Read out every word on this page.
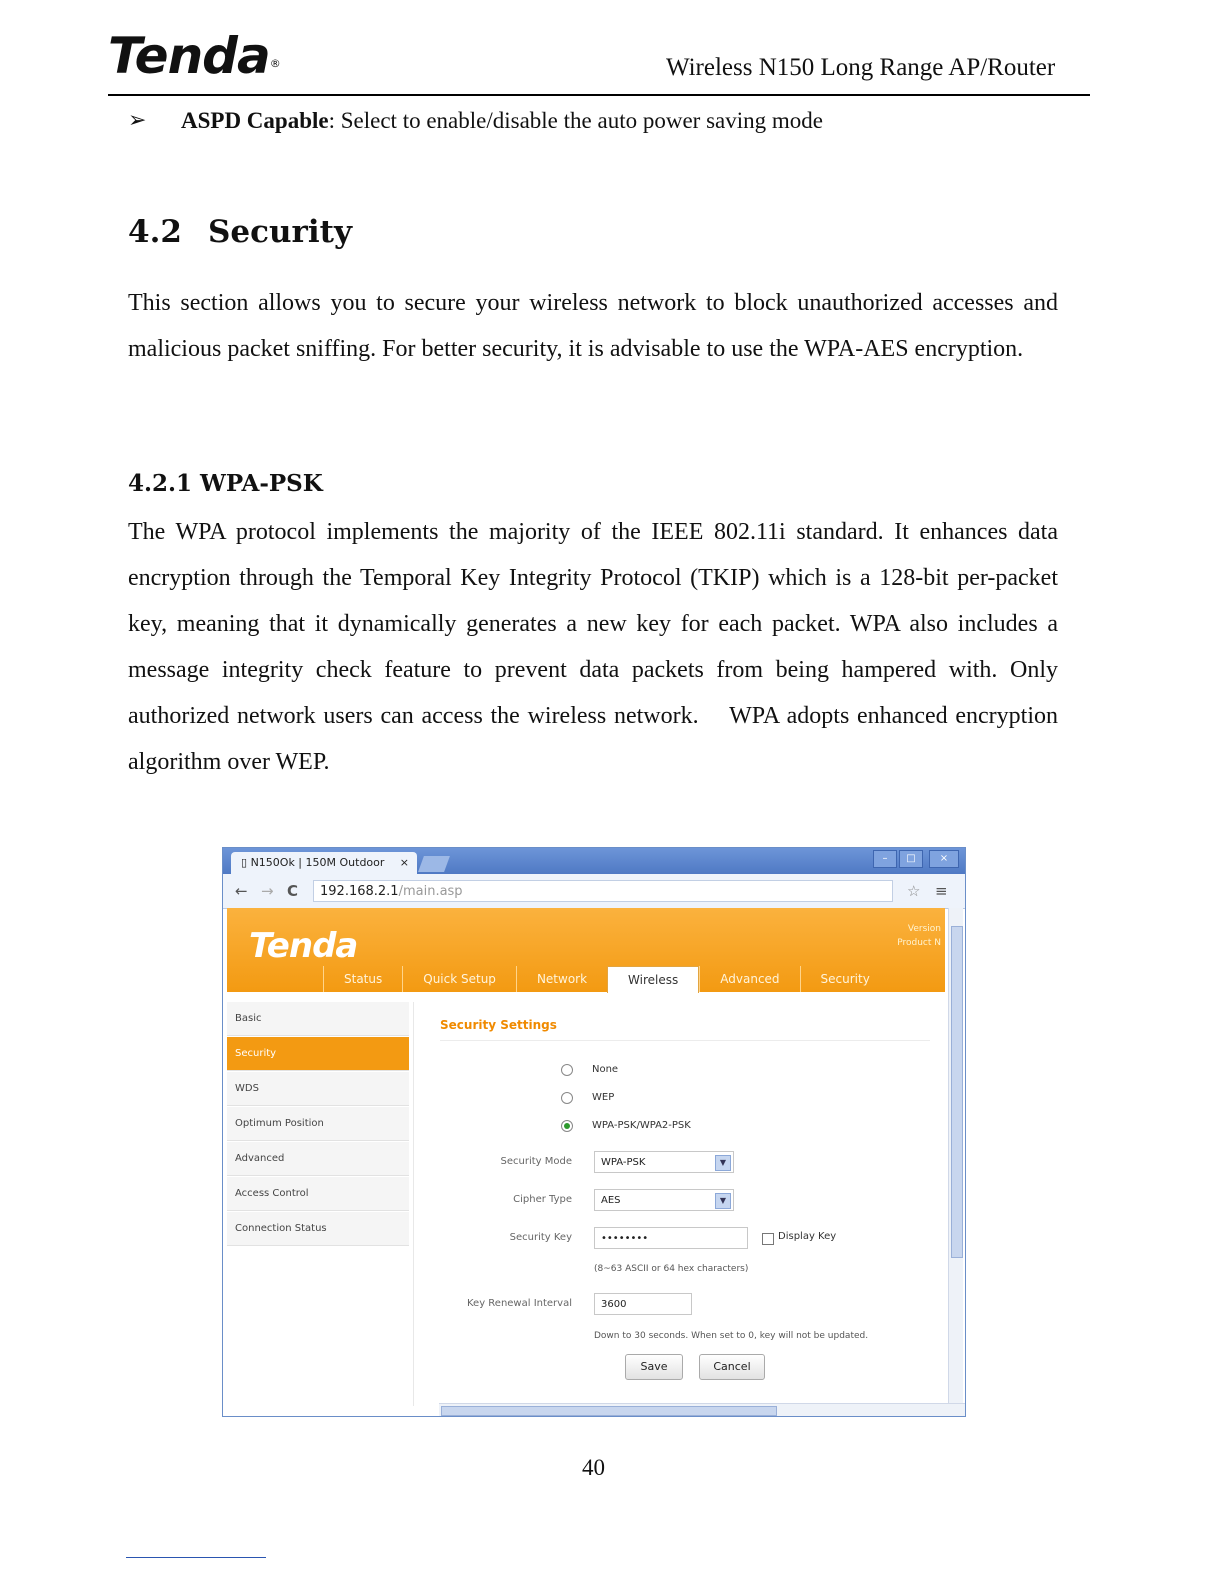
Tenda®	Wireless N150 Long Range AP/Router
➢ ASPD Capable: Select to enable/disable the auto power saving mode
4.2 Security
This section allows you to secure your wireless network to block unauthorized accesses and malicious packet sniffing. For better security, it is advisable to use the WPA-AES encryption.
4.2.1 WPA-PSK
The WPA protocol implements the majority of the IEEE 802.11i standard. It enhances data encryption through the Temporal Key Integrity Protocol (TKIP) which is a 128-bit per-packet key, meaning that it dynamically generates a new key for each packet. WPA also includes a message integrity check feature to prevent data packets from being hampered with. Only authorized network users can access the wireless network.    WPA adopts enhanced encryption algorithm over WEP.
▯ N150Ok | 150M Outdoor ×	–	□	×
← → C	192.168.2.1/main.asp	☆ ≡
Tenda	Version
Product N
Status	Quick Setup	Network	Wireless	Advanced	Security
Basic
Security
WDS
Optimum Position
Advanced
Access Control
Connection Status
Security Settings
None
WEP
WPA-PSK/WPA2-PSK
Security Mode	WPA-PSK	▼
Cipher Type	AES	▼
Security Key	••••••••	Display Key
(8~63 ASCII or 64 hex characters)
Key Renewal Interval	3600
Down to 30 seconds. When set to 0, key will not be updated.
Save	Cancel
40
